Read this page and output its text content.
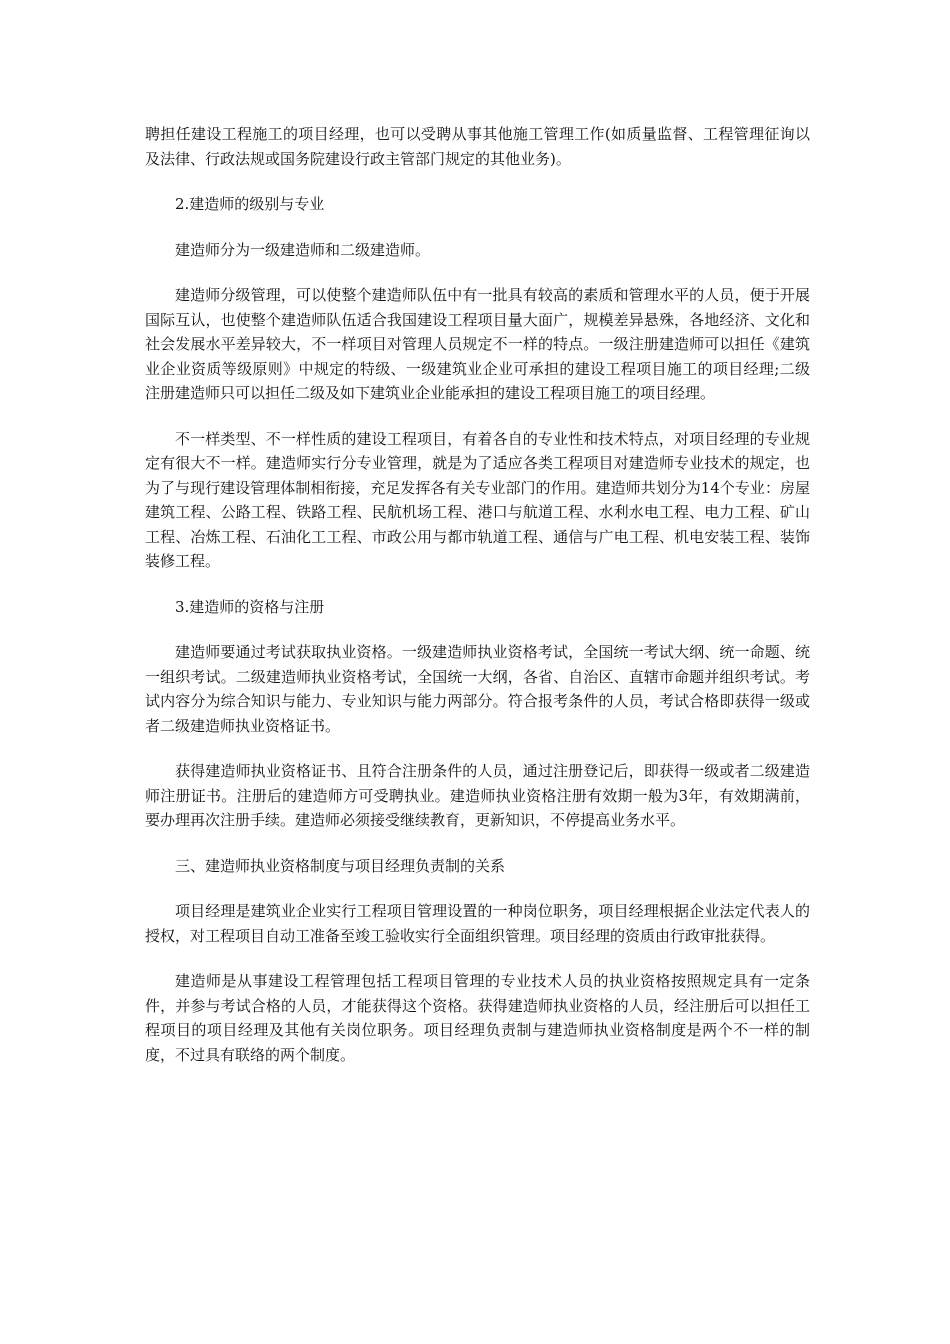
聘担任建设工程施工的项目经理，也可以受聘从事其他施工管理工作(如质量监督、工程管理征询以及法律、行政法规或国务院建设行政主管部门规定的其他业务)。

2.建造师的级别与专业

建造师分为一级建造师和二级建造师。

建造师分级管理，可以使整个建造师队伍中有一批具有较高的素质和管理水平的人员，便于开展国际互认，也使整个建造师队伍适合我国建设工程项目量大面广，规模差异悬殊，各地经济、文化和社会发展水平差异较大，不一样项目对管理人员规定不一样的特点。一级注册建造师可以担任《建筑业企业资质等级原则》中规定的特级、一级建筑业企业可承担的建设工程项目施工的项目经理;二级注册建造师只可以担任二级及如下建筑业企业能承担的建设工程项目施工的项目经理。

不一样类型、不一样性质的建设工程项目，有着各自的专业性和技术特点，对项目经理的专业规定有很大不一样。建造师实行分专业管理，就是为了适应各类工程项目对建造师专业技术的规定，也为了与现行建设管理体制相衔接，充足发挥各有关专业部门的作用。建造师共划分为14个专业：房屋建筑工程、公路工程、铁路工程、民航机场工程、港口与航道工程、水利水电工程、电力工程、矿山工程、冶炼工程、石油化工工程、市政公用与都市轨道工程、通信与广电工程、机电安装工程、装饰装修工程。

3.建造师的资格与注册

建造师要通过考试获取执业资格。一级建造师执业资格考试，全国统一考试大纲、统一命题、统一组织考试。二级建造师执业资格考试，全国统一大纲，各省、自治区、直辖市命题并组织考试。考试内容分为综合知识与能力、专业知识与能力两部分。符合报考条件的人员，考试合格即获得一级或者二级建造师执业资格证书。

获得建造师执业资格证书、且符合注册条件的人员，通过注册登记后，即获得一级或者二级建造师注册证书。注册后的建造师方可受聘执业。建造师执业资格注册有效期一般为3年，有效期满前，要办理再次注册手续。建造师必须接受继续教育，更新知识，不停提高业务水平。

三、建造师执业资格制度与项目经理负责制的关系

项目经理是建筑业企业实行工程项目管理设置的一种岗位职务，项目经理根据企业法定代表人的授权，对工程项目自动工准备至竣工验收实行全面组织管理。项目经理的资质由行政审批获得。

建造师是从事建设工程管理包括工程项目管理的专业技术人员的执业资格按照规定具有一定条件，并参与考试合格的人员，才能获得这个资格。获得建造师执业资格的人员，经注册后可以担任工程项目的项目经理及其他有关岗位职务。项目经理负责制与建造师执业资格制度是两个不一样的制度，不过具有联络的两个制度。
